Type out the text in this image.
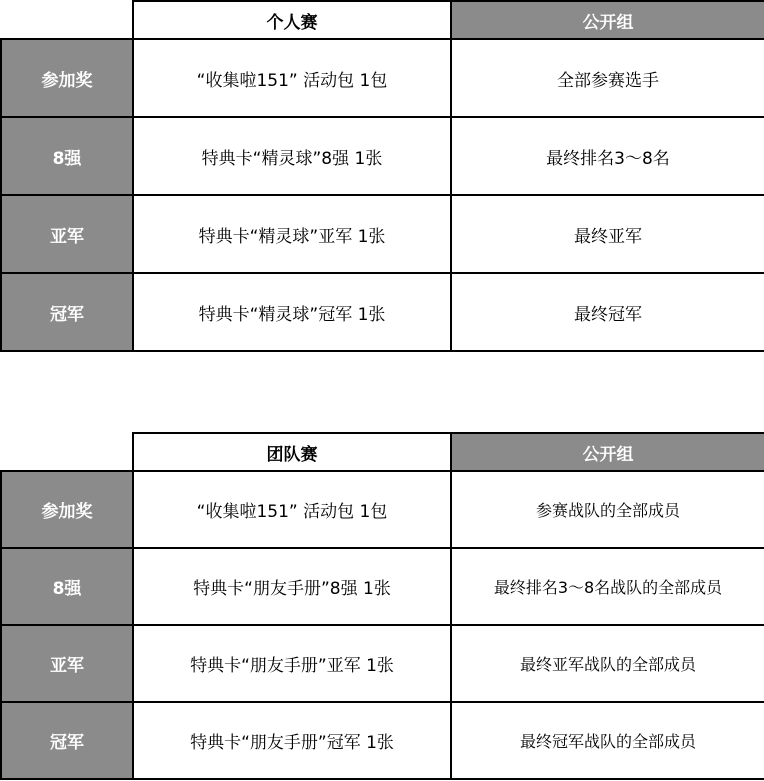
	个人赛	公开组
参加奖	“收集啦151” 活动包 1包	全部参赛选手
8强	特典卡“精灵球”8强 1张	最终排名3～8名
亚军	特典卡“精灵球”亚军 1张	最终亚军
冠军	特典卡“精灵球”冠军 1张	最终冠军
	团队赛	公开组
参加奖	“收集啦151” 活动包 1包	参赛战队的全部成员
8强	特典卡“朋友手册”8强 1张	最终排名3～8名战队的全部成员
亚军	特典卡“朋友手册”亚军 1张	最终亚军战队的全部成员
冠军	特典卡“朋友手册”冠军 1张	最终冠军战队的全部成员
